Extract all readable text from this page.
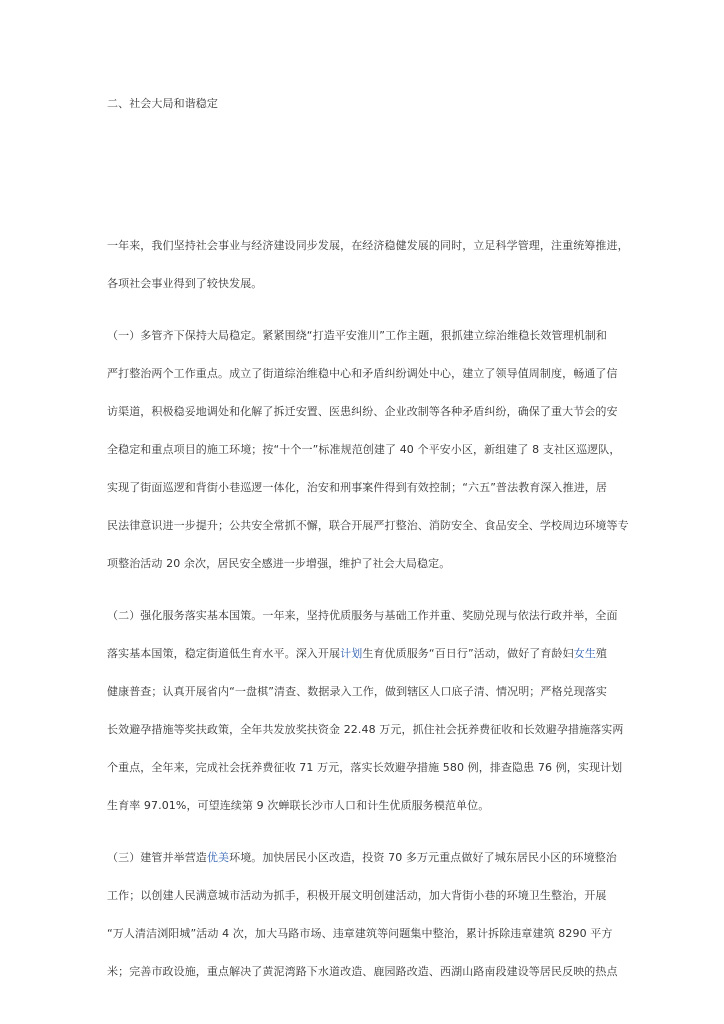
二、社会大局和谐稳定
一年来，我们坚持社会事业与经济建设同步发展，在经济稳健发展的同时，立足科学管理，注重统筹推进，
各项社会事业得到了较快发展。
（一）多管齐下保持大局稳定。紧紧围绕“打造平安淮川”工作主题，狠抓建立综治维稳长效管理机制和
严打整治两个工作重点。成立了街道综治维稳中心和矛盾纠纷调处中心，建立了领导值周制度，畅通了信
访渠道，积极稳妥地调处和化解了拆迁安置、医患纠纷、企业改制等各种矛盾纠纷，确保了重大节会的安
全稳定和重点项目的施工环境；按“十个一”标准规范创建了 40 个平安小区，新组建了 8 支社区巡逻队，
实现了街面巡逻和背街小巷巡逻一体化，治安和刑事案件得到有效控制；“六五”普法教育深入推进，居
民法律意识进一步提升；公共安全常抓不懈，联合开展严打整治、消防安全、食品安全、学校周边环境等专
项整治活动 20 余次，居民安全感进一步增强，维护了社会大局稳定。
（二）强化服务落实基本国策。一年来，坚持优质服务与基础工作并重、奖励兑现与依法行政并举，全面
落实基本国策，稳定街道低生育水平。深入开展计划生育优质服务“百日行”活动，做好了育龄妇女生殖
健康普查；认真开展省内“一盘棋”清查、数据录入工作，做到辖区人口底子清、情况明；严格兑现落实
长效避孕措施等奖扶政策，全年共发放奖扶资金 22.48 万元，抓住社会抚养费征收和长效避孕措施落实两
个重点，全年来，完成社会抚养费征收 71 万元，落实长效避孕措施 580 例，排查隐患 76 例，实现计划
生育率 97.01%，可望连续第 9 次蝉联长沙市人口和计生优质服务模范单位。
（三）建管并举营造优美环境。加快居民小区改造，投资 70 多万元重点做好了城东居民小区的环境整治
工作；以创建人民满意城市活动为抓手，积极开展文明创建活动，加大背街小巷的环境卫生整治，开展
“万人清洁浏阳城”活动 4 次，加大马路市场、违章建筑等问题集中整治，累计拆除违章建筑 8290 平方
米；完善市政设施，重点解决了黄泥湾路下水道改造、鹿园路改造、西湖山路南段建设等居民反映的热点
